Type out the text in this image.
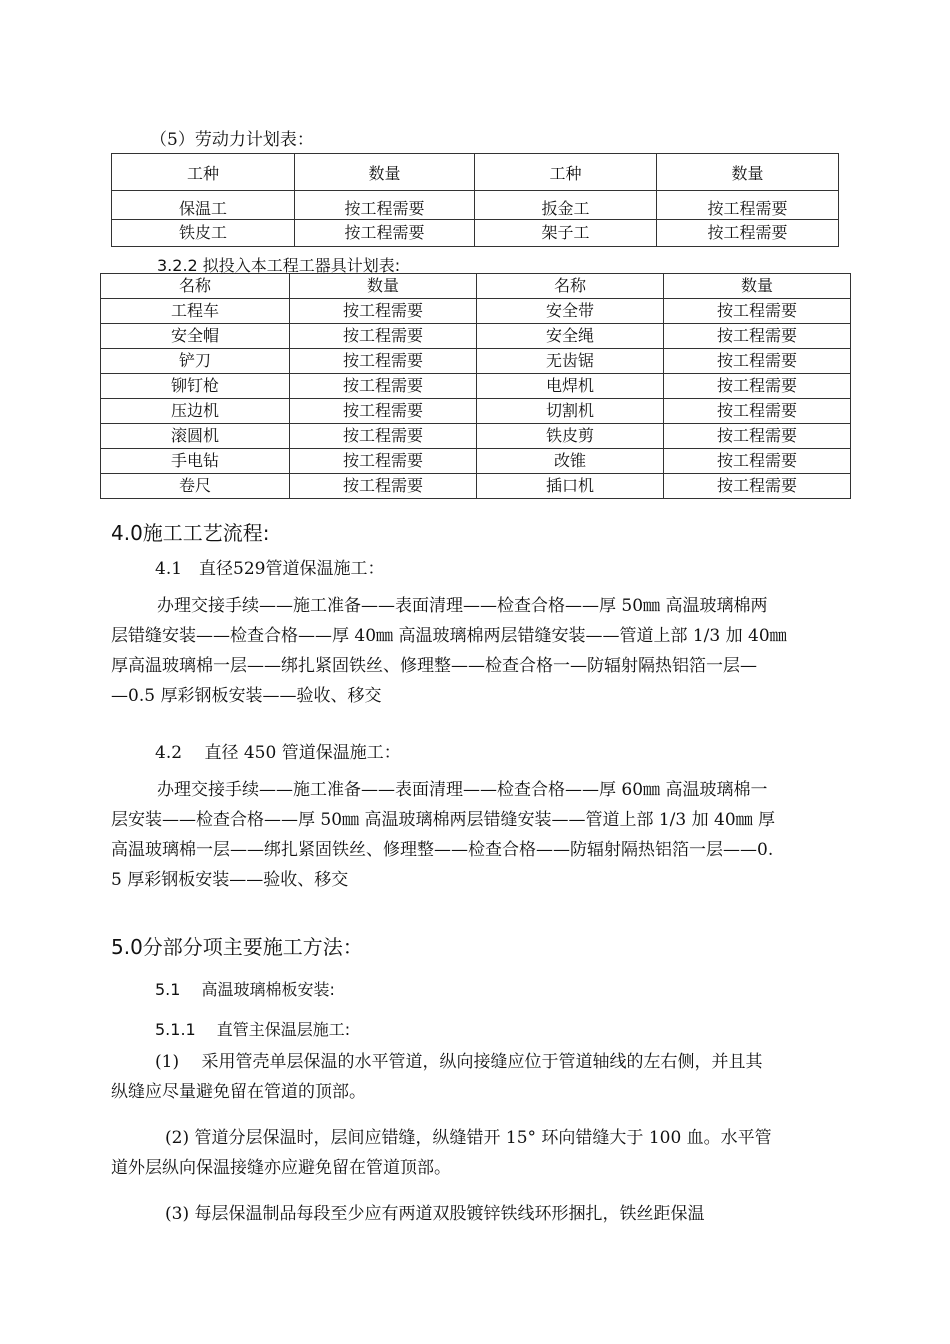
（5）劳动力计划表：
工种	数量	工种	数量
保温工	按工程需要	扳金工	按工程需要
铁皮工	按工程需要	架子工	按工程需要
3.2.2 拟投入本工程工器具计划表:
名称	数量	名称	数量
工程车	按工程需要	安全带	按工程需要
安全帽	按工程需要	安全绳	按工程需要
铲刀	按工程需要	无齿锯	按工程需要
铆钉枪	按工程需要	电焊机	按工程需要
压边机	按工程需要	切割机	按工程需要
滚圆机	按工程需要	铁皮剪	按工程需要
手电钻	按工程需要	改锥	按工程需要
卷尺	按工程需要	插口机	按工程需要
4.0施工工艺流程:
4.1　直径529管道保温施工：
办理交接手续——施工准备——表面清理——检查合格——厚 50㎜ 高温玻璃棉两
层错缝安装——检查合格——厚 40㎜ 高温玻璃棉两层错缝安装——管道上部 1/3 加 40㎜
厚高温玻璃棉一层——绑扎紧固铁丝、修理整——检查合格一—防辐射隔热铝箔一层—
—0.5 厚彩钢板安装——验收、移交
4.2　 直径 450 管道保温施工：
办理交接手续——施工准备——表面清理——检查合格——厚 60㎜ 高温玻璃棉一
层安装——检查合格——厚 50㎜ 高温玻璃棉两层错缝安装——管道上部 1/3 加 40㎜ 厚
高温玻璃棉一层——绑扎紧固铁丝、修理整——检查合格——防辐射隔热铝箔一层——0.
5 厚彩钢板安装——验收、移交
5.0分部分项主要施工方法：
5.1　 高温玻璃棉板安装:
5.1.1　 直管主保温层施工:
(1)　 采用管壳单层保温的水平管道，纵向接缝应位于管道轴线的左右侧，并且其
纵缝应尽量避免留在管道的顶部。
(2) 管道分层保温时，层间应错缝，纵缝错开 15° 环向错缝大于 100 血。水平管
道外层纵向保温接缝亦应避免留在管道顶部。
(3) 每层保温制品每段至少应有两道双股镀锌铁线环形捆扎，铁丝距保温
